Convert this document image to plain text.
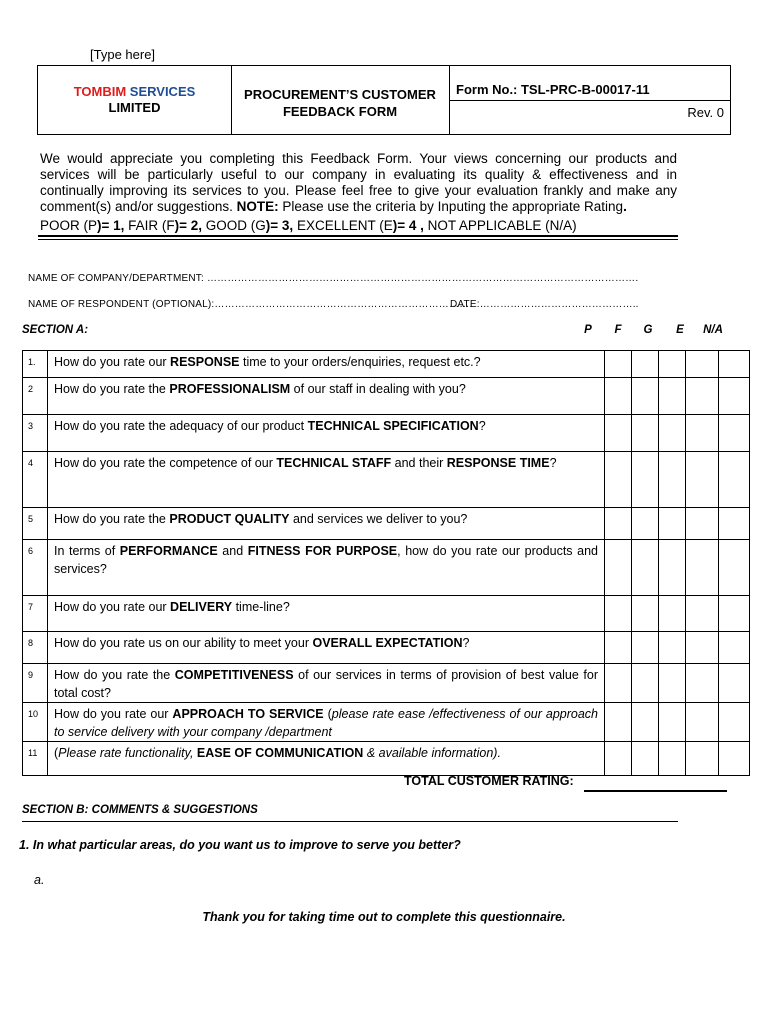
[Type here]
TOMBIM SERVICES
LIMITED
PROCUREMENT’S CUSTOMER
FEEDBACK FORM
Form No.: TSL-PRC-B-00017-11
Rev. 0
We would appreciate you completing this Feedback Form. Your views concerning our products and services will be particularly useful to our company in evaluating its quality & effectiveness and in continually improving its services to you. Please feel free to give your evaluation frankly and make any comment(s) and/or suggestions. NOTE: Please use the criteria by Inputing the appropriate Rating.
POOR (P)= 1, FAIR (F)= 2, GOOD (G)= 3, EXCELLENT (E)= 4 , NOT APPLICABLE (N/A)
NAME OF COMPANY/DEPARTMENT: ……………………………………………………………………………………………………………….
NAME OF RESPONDENT (OPTIONAL):………………………………………………………………….
DATE:………………………………………..
SECTION A:	P	F	G	E	N/A
1.	How do you rate our RESPONSE time to your orders/enquiries, request etc.?					
2	How do you rate the PROFESSIONALISM of our staff in dealing with you?					
3	How do you rate the adequacy of our product TECHNICAL SPECIFICATION?					
4	How do you rate the competence of our TECHNICAL STAFF and their RESPONSE TIME?					
5	How do you rate the PRODUCT QUALITY and services we deliver to you?					
6	In terms of PERFORMANCE and FITNESS FOR PURPOSE, how do you rate our products and services?					
7	How do you rate our DELIVERY time-line?					
8	How do you rate us on our ability to meet your OVERALL EXPECTATION?					
9	How do you rate the COMPETITIVENESS of our services in terms of provision of best value for total cost?					
10	How do you rate our APPROACH TO SERVICE (please rate ease /effectiveness of our approach to service delivery with your company /department					
11	(Please rate functionality, EASE OF COMMUNICATION & available information).					
TOTAL CUSTOMER RATING:
SECTION B: COMMENTS & SUGGESTIONS
1. In what particular areas, do you want us to improve to serve you better?
a.
Thank you for taking time out to complete this questionnaire.
